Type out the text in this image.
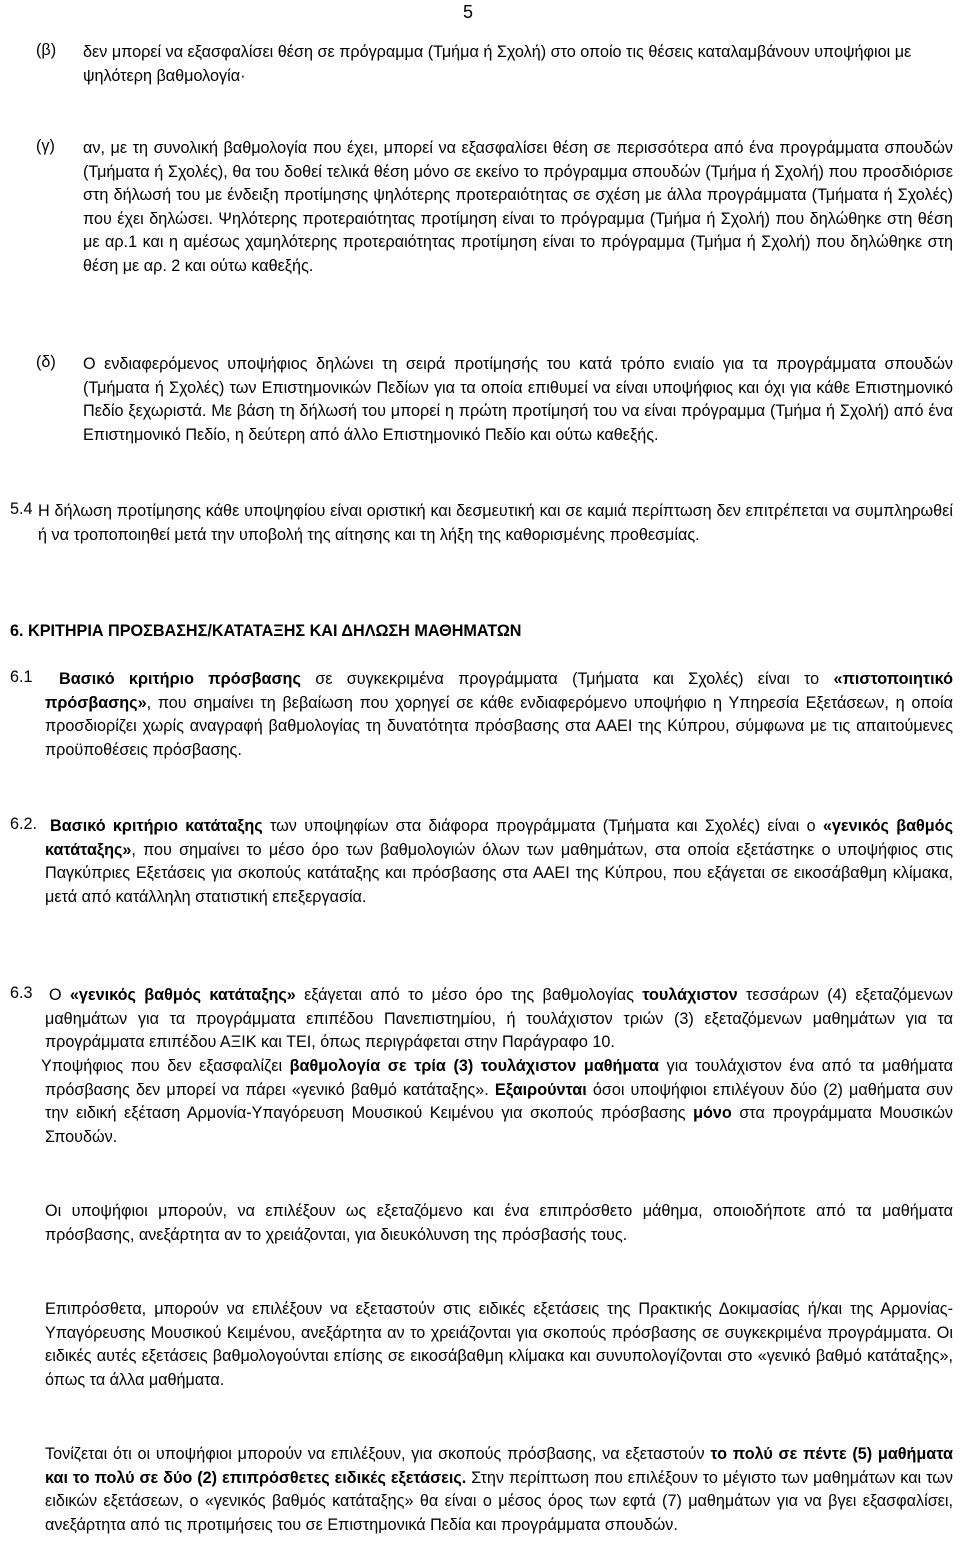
5
(β) δεν μπορεί να εξασφαλίσει θέση σε πρόγραμμα (Τμήμα ή Σχολή) στο οποίο τις θέσεις καταλαμβάνουν υποψήφιοι με ψηλότερη βαθμολογία·
(γ) αν, με τη συνολική βαθμολογία που έχει, μπορεί να εξασφαλίσει θέση σε περισσότερα από ένα προγράμματα σπουδών (Τμήματα ή Σχολές), θα του δοθεί τελικά θέση μόνο σε εκείνο το πρόγραμμα σπουδών (Τμήμα ή Σχολή) που προσδιόρισε στη δήλωσή του με ένδειξη προτίμησης ψηλότερης προτεραιότητας σε σχέση με άλλα προγράμματα (Τμήματα ή Σχολές) που έχει δηλώσει. Ψηλότερης προτεραιότητας προτίμηση είναι το πρόγραμμα (Τμήμα ή Σχολή) που δηλώθηκε στη θέση με αρ.1 και η αμέσως χαμηλότερης προτεραιότητας προτίμηση είναι το πρόγραμμα (Τμήμα ή Σχολή) που δηλώθηκε στη θέση με αρ. 2 και ούτω καθεξής.
(δ) Ο ενδιαφερόμενος υποψήφιος δηλώνει τη σειρά προτίμησής του κατά τρόπο ενιαίο για τα προγράμματα σπουδών (Τμήματα ή Σχολές) των Επιστημονικών Πεδίων για τα οποία επιθυμεί να είναι υποψήφιος και όχι για κάθε Επιστημονικό Πεδίο ξεχωριστά. Με βάση τη δήλωσή του μπορεί η πρώτη προτίμησή του να είναι πρόγραμμα (Τμήμα ή Σχολή) από ένα Επιστημονικό Πεδίο, η δεύτερη από άλλο Επιστημονικό Πεδίο και ούτω καθεξής.
5.4 Η δήλωση προτίμησης κάθε υποψηφίου είναι οριστική και δεσμευτική και σε καμιά περίπτωση δεν επιτρέπεται να συμπληρωθεί ή να τροποποιηθεί μετά την υποβολή της αίτησης και τη λήξη της καθορισμένης προθεσμίας.
6. ΚΡΙΤΗΡΙΑ ΠΡΟΣΒΑΣΗΣ/ΚΑΤΑΤΑΞΗΣ ΚΑΙ ΔΗΛΩΣΗ ΜΑΘΗΜΑΤΩΝ
6.1	Βασικό κριτήριο πρόσβασης σε συγκεκριμένα προγράμματα (Τμήματα και Σχολές) είναι το «πιστοποιητικό πρόσβασης», που σημαίνει τη βεβαίωση που χορηγεί σε κάθε ενδιαφερόμενο υποψήφιο η Υπηρεσία Εξετάσεων, η οποία προσδιορίζει χωρίς αναγραφή βαθμολογίας τη δυνατότητα πρόσβασης στα ΑΑΕΙ της Κύπρου, σύμφωνα με τις απαιτούμενες προϋποθέσεις πρόσβασης.
6.2. Βασικό κριτήριο κατάταξης των υποψηφίων στα διάφορα προγράμματα (Τμήματα και Σχολές) είναι ο «γενικός βαθμός κατάταξης», που σημαίνει το μέσο όρο των βαθμολογιών όλων των μαθημάτων, στα οποία εξετάστηκε ο υποψήφιος στις Παγκύπριες Εξετάσεις για σκοπούς κατάταξης και πρόσβασης στα ΑΑΕΙ της Κύπρου, που εξάγεται σε εικοσάβαθμη κλίμακα, μετά από κατάλληλη στατιστική επεξεργασία.
6.3 Ο «γενικός βαθμός κατάταξης» εξάγεται από το μέσο όρο της βαθμολογίας τουλάχιστον τεσσάρων (4) εξεταζόμενων μαθημάτων για τα προγράμματα επιπέδου Πανεπιστημίου, ή τουλάχιστον τριών (3) εξεταζόμενων μαθημάτων για τα προγράμματα επιπέδου ΑΞΙΚ και ΤΕΙ, όπως περιγράφεται στην Παράγραφο 10.
Υποψήφιος που δεν εξασφαλίζει βαθμολογία σε τρία (3) τουλάχιστον μαθήματα για τουλάχιστον ένα από τα μαθήματα πρόσβασης δεν μπορεί να πάρει «γενικό βαθμό κατάταξης». Εξαιρούνται όσοι υποψήφιοι επιλέγουν δύο (2) μαθήματα συν την ειδική εξέταση Αρμονία-Υπαγόρευση Μουσικού Κειμένου για σκοπούς πρόσβασης μόνο στα προγράμματα Μουσικών Σπουδών.
Οι υποψήφιοι μπορούν, να επιλέξουν ως εξεταζόμενο και ένα επιπρόσθετο μάθημα, οποιοδήποτε από τα μαθήματα πρόσβασης, ανεξάρτητα αν το χρειάζονται, για διευκόλυνση της πρόσβασής τους.
Επιπρόσθετα, μπορούν να επιλέξουν να εξεταστούν στις ειδικές εξετάσεις της Πρακτικής Δοκιμασίας ή/και της Αρμονίας-Υπαγόρευσης Μουσικού Κειμένου, ανεξάρτητα αν το χρειάζονται για σκοπούς πρόσβασης σε συγκεκριμένα προγράμματα. Οι ειδικές αυτές εξετάσεις βαθμολογούνται επίσης σε εικοσάβαθμη κλίμακα και συνυπολογίζονται στο «γενικό βαθμό κατάταξης», όπως τα άλλα μαθήματα.
Τονίζεται ότι οι υποψήφιοι μπορούν να επιλέξουν, για σκοπούς πρόσβασης, να εξεταστούν το πολύ σε πέντε (5) μαθήματα και το πολύ σε δύο (2) επιπρόσθετες ειδικές εξετάσεις. Στην περίπτωση που επιλέξουν το μέγιστο των μαθημάτων και των ειδικών εξετάσεων, ο «γενικός βαθμός κατάταξης» θα είναι ο μέσος όρος των εφτά (7) μαθημάτων για να βγει εξασφαλίσει, ανεξάρτητα από τις προτιμήσεις του σε Επιστημονικά Πεδία και προγράμματα σπουδών.
